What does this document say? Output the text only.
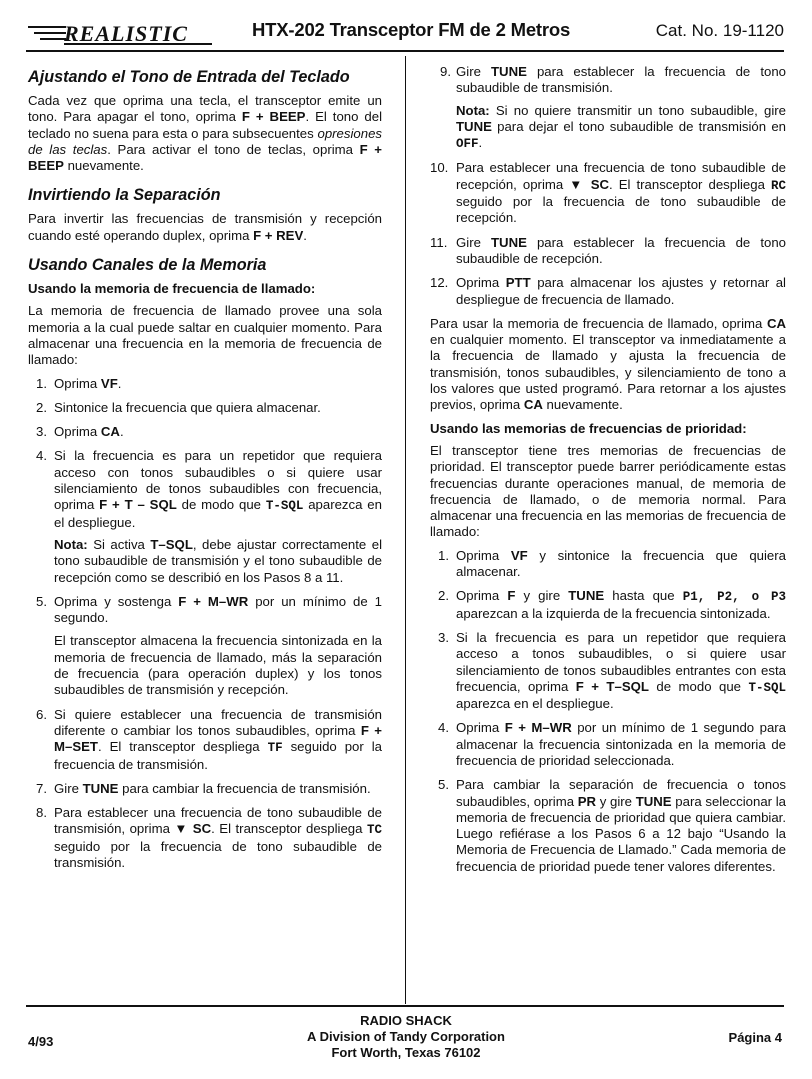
REALISTIC	HTX-202 Transceptor FM de 2 Metros	Cat. No. 19-1120
Ajustando el Tono de Entrada del Teclado

Cada vez que oprima una tecla, el transceptor emite un tono. Para apagar el tono, oprima F + BEEP. El tono del teclado no suena para esta o para subsecuentes opresiones de las teclas. Para activar el tono de teclas, oprima F + BEEP nuevamente.

Invirtiendo la Separación

Para invertir las frecuencias de transmisión y recepción cuando esté operando duplex, oprima F + REV.

Usando Canales de la Memoria
Usando la memoria de frecuencia de llamado:

La memoria de frecuencia de llamado provee una sola memoria a la cual puede saltar en cualquier momento. Para almacenar una frecuencia en la memoria de frecuencia de llamado:

1. Oprima VF.
2. Sintonice la frecuencia que quiera almacenar.
3. Oprima CA.
4. Si la frecuencia es para un repetidor que requiera acceso con tonos subaudibles o si quiere usar silenciamiento de tonos subaudibles con frecuencia, oprima F + T – SQL de modo que T-SQL aparezca en el despliegue.
Nota: Si activa T–SQL, debe ajustar correctamente el tono subaudible de transmisión y el tono subaudible de recepción como se describió en los Pasos 8 a 11.
5. Oprima y sostenga F + M–WR por un mínimo de 1 segundo.
El transceptor almacena la frecuencia sintonizada en la memoria de frecuencia de llamado, más la separación de frecuencia (para operación duplex) y los tonos subaudibles de transmisión y recepción.
6. Si quiere establecer una frecuencia de transmisión diferente o cambiar los tonos subaudibles, oprima F + M–SET. El transceptor despliega TF seguido por la frecuencia de transmisión.
7. Gire TUNE para cambiar la frecuencia de transmisión.
8. Para establecer una frecuencia de tono subaudible de transmisión, oprima ▼ SC. El transceptor despliega TC seguido por la frecuencia de tono subaudible de transmisión.
9. Gire TUNE para establecer la frecuencia de tono subaudible de transmisión.
Nota: Si no quiere transmitir un tono subaudible, gire TUNE para dejar el tono subaudible de transmisión en OFF.
10. Para establecer una frecuencia de tono subaudible de recepción, oprima ▼ SC. El transceptor despliega RC seguido por la frecuencia de tono subaudible de recepción.
11. Gire TUNE para establecer la frecuencia de tono subaudible de recepción.
12. Oprima PTT para almacenar los ajustes y retornar al despliegue de frecuencia de llamado.

Para usar la memoria de frecuencia de llamado, oprima CA en cualquier momento. El transceptor va inmediatamente a la frecuencia de llamado y ajusta la frecuencia de transmisión, tonos subaudibles, y silenciamiento de tono a los valores que usted programó. Para retornar a los ajustes previos, oprima CA nuevamente.

Usando las memorias de frecuencias de prioridad:

El transceptor tiene tres memorias de frecuencias de prioridad. El transceptor puede barrer periódicamente estas frecuencias durante operaciones manual, de memoria de frecuencia de llamado, o de memoria normal. Para almacenar una frecuencia en las memorias de frecuencia de llamado:

1. Oprima VF y sintonice la frecuencia que quiera almacenar.
2. Oprima F y gire TUNE hasta que P1, P2, o P3 aparezcan a la izquierda de la frecuencia sintonizada.
3. Si la frecuencia es para un repetidor que requiera acceso a tonos subaudibles, o si quiere usar silenciamiento de tonos subaudibles entrantes con esta frecuencia, oprima F + T–SQL de modo que T-SQL aparezca en el despliegue.
4. Oprima F + M–WR por un mínimo de 1 segundo para almacenar la frecuencia sintonizada en la memoria de frecuencia de prioridad seleccionada.
5. Para cambiar la separación de frecuencia o tonos subaudibles, oprima PR y gire TUNE para seleccionar la memoria de frecuencia de prioridad que quiera cambiar. Luego refiérase a los Pasos 6 a 12 bajo “Usando la Memoria de Frecuencia de Llamado.” Cada memoria de frecuencia de prioridad puede tener valores diferentes.
4/93
RADIO SHACK
A Division of Tandy Corporation
Fort Worth, Texas 76102
Página 4
